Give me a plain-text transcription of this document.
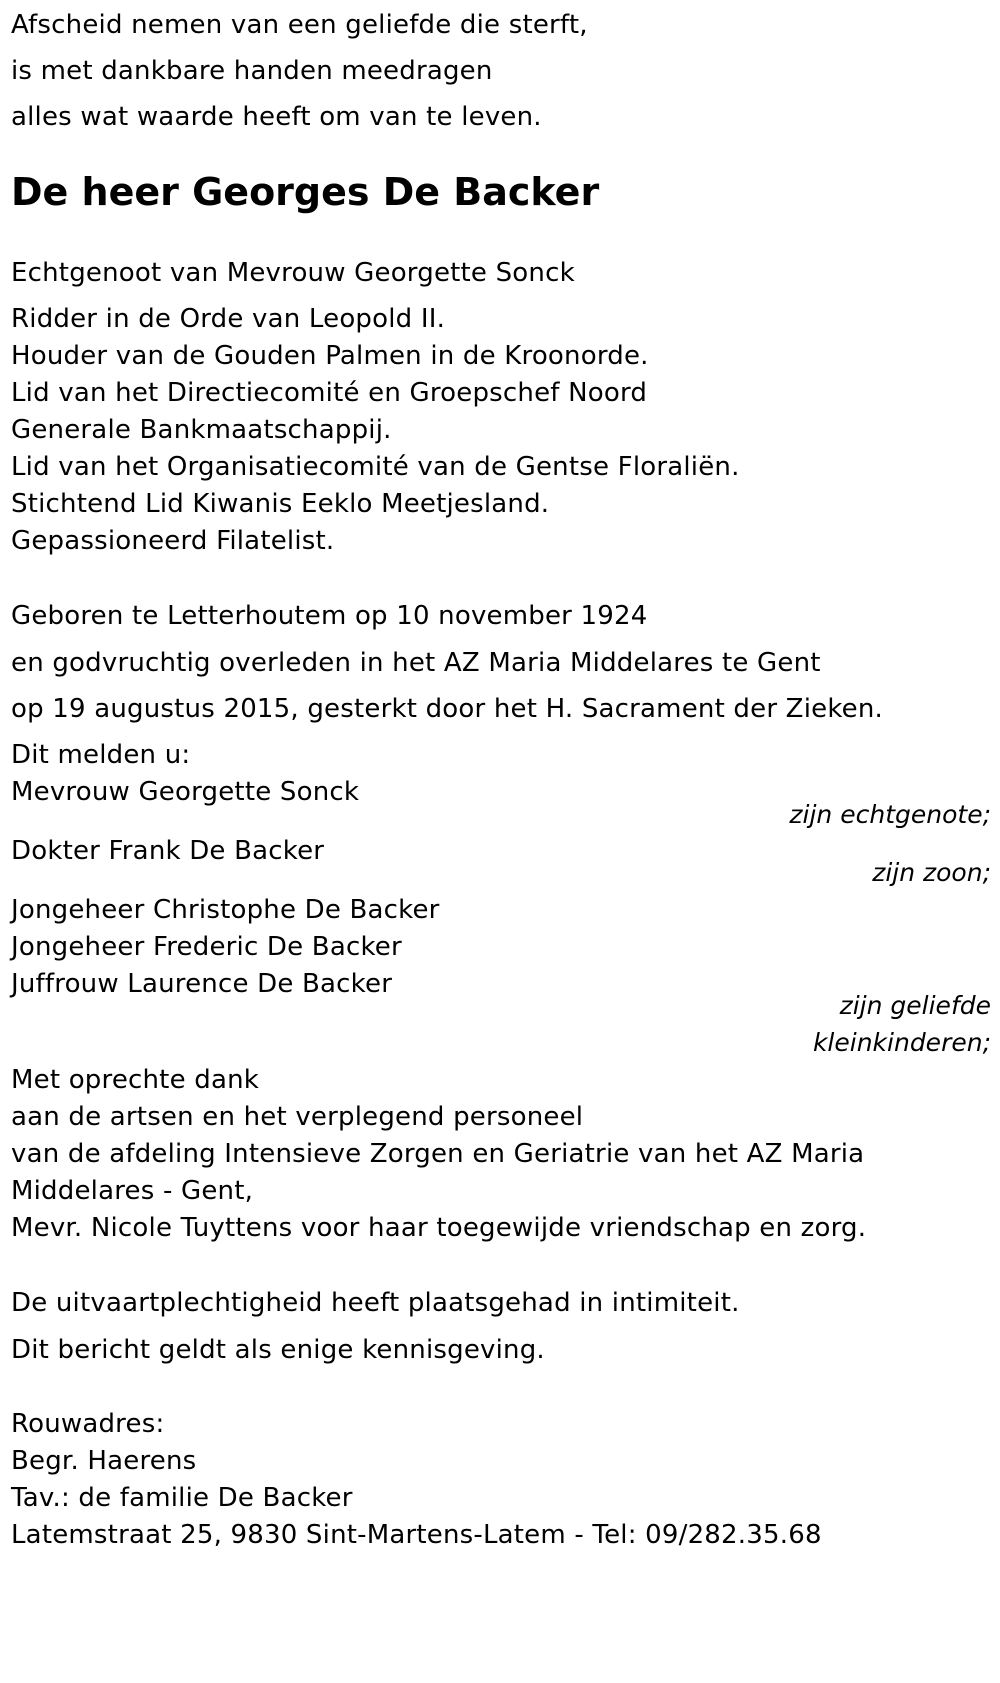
Afscheid nemen van een geliefde die sterft,
is met dankbare handen meedragen
alles wat waarde heeft om van te leven.
De heer Georges De Backer
Echtgenoot van Mevrouw Georgette Sonck
Ridder in de Orde van Leopold II.
Houder van de Gouden Palmen in de Kroonorde.
Lid van het Directiecomité en Groepschef Noord
Generale Bankmaatschappij.
Lid van het Organisatiecomité van de Gentse Floraliën.
Stichtend Lid Kiwanis Eeklo Meetjesland.
Gepassioneerd Filatelist.
Geboren te Letterhoutem op 10 november 1924
en godvruchtig overleden in het AZ Maria Middelares te Gent
op 19 augustus 2015, gesterkt door het H. Sacrament der Zieken.
Dit melden u:
Mevrouw Georgette Sonck
zijn echtgenote;
Dokter Frank De Backer
zijn zoon;
Jongeheer Christophe De Backer
Jongeheer Frederic De Backer
Juffrouw Laurence De Backer
zijn geliefde
kleinkinderen;
Met oprechte dank
aan de artsen en het verplegend personeel
van de afdeling Intensieve Zorgen en Geriatrie van het AZ Maria
Middelares - Gent,
Mevr. Nicole Tuyttens voor haar toegewijde vriendschap en zorg.
De uitvaartplechtigheid heeft plaatsgehad in intimiteit.
Dit bericht geldt als enige kennisgeving.
Rouwadres:
Begr. Haerens
Tav.: de familie De Backer
Latemstraat 25, 9830 Sint-Martens-Latem - Tel: 09/282.35.68
